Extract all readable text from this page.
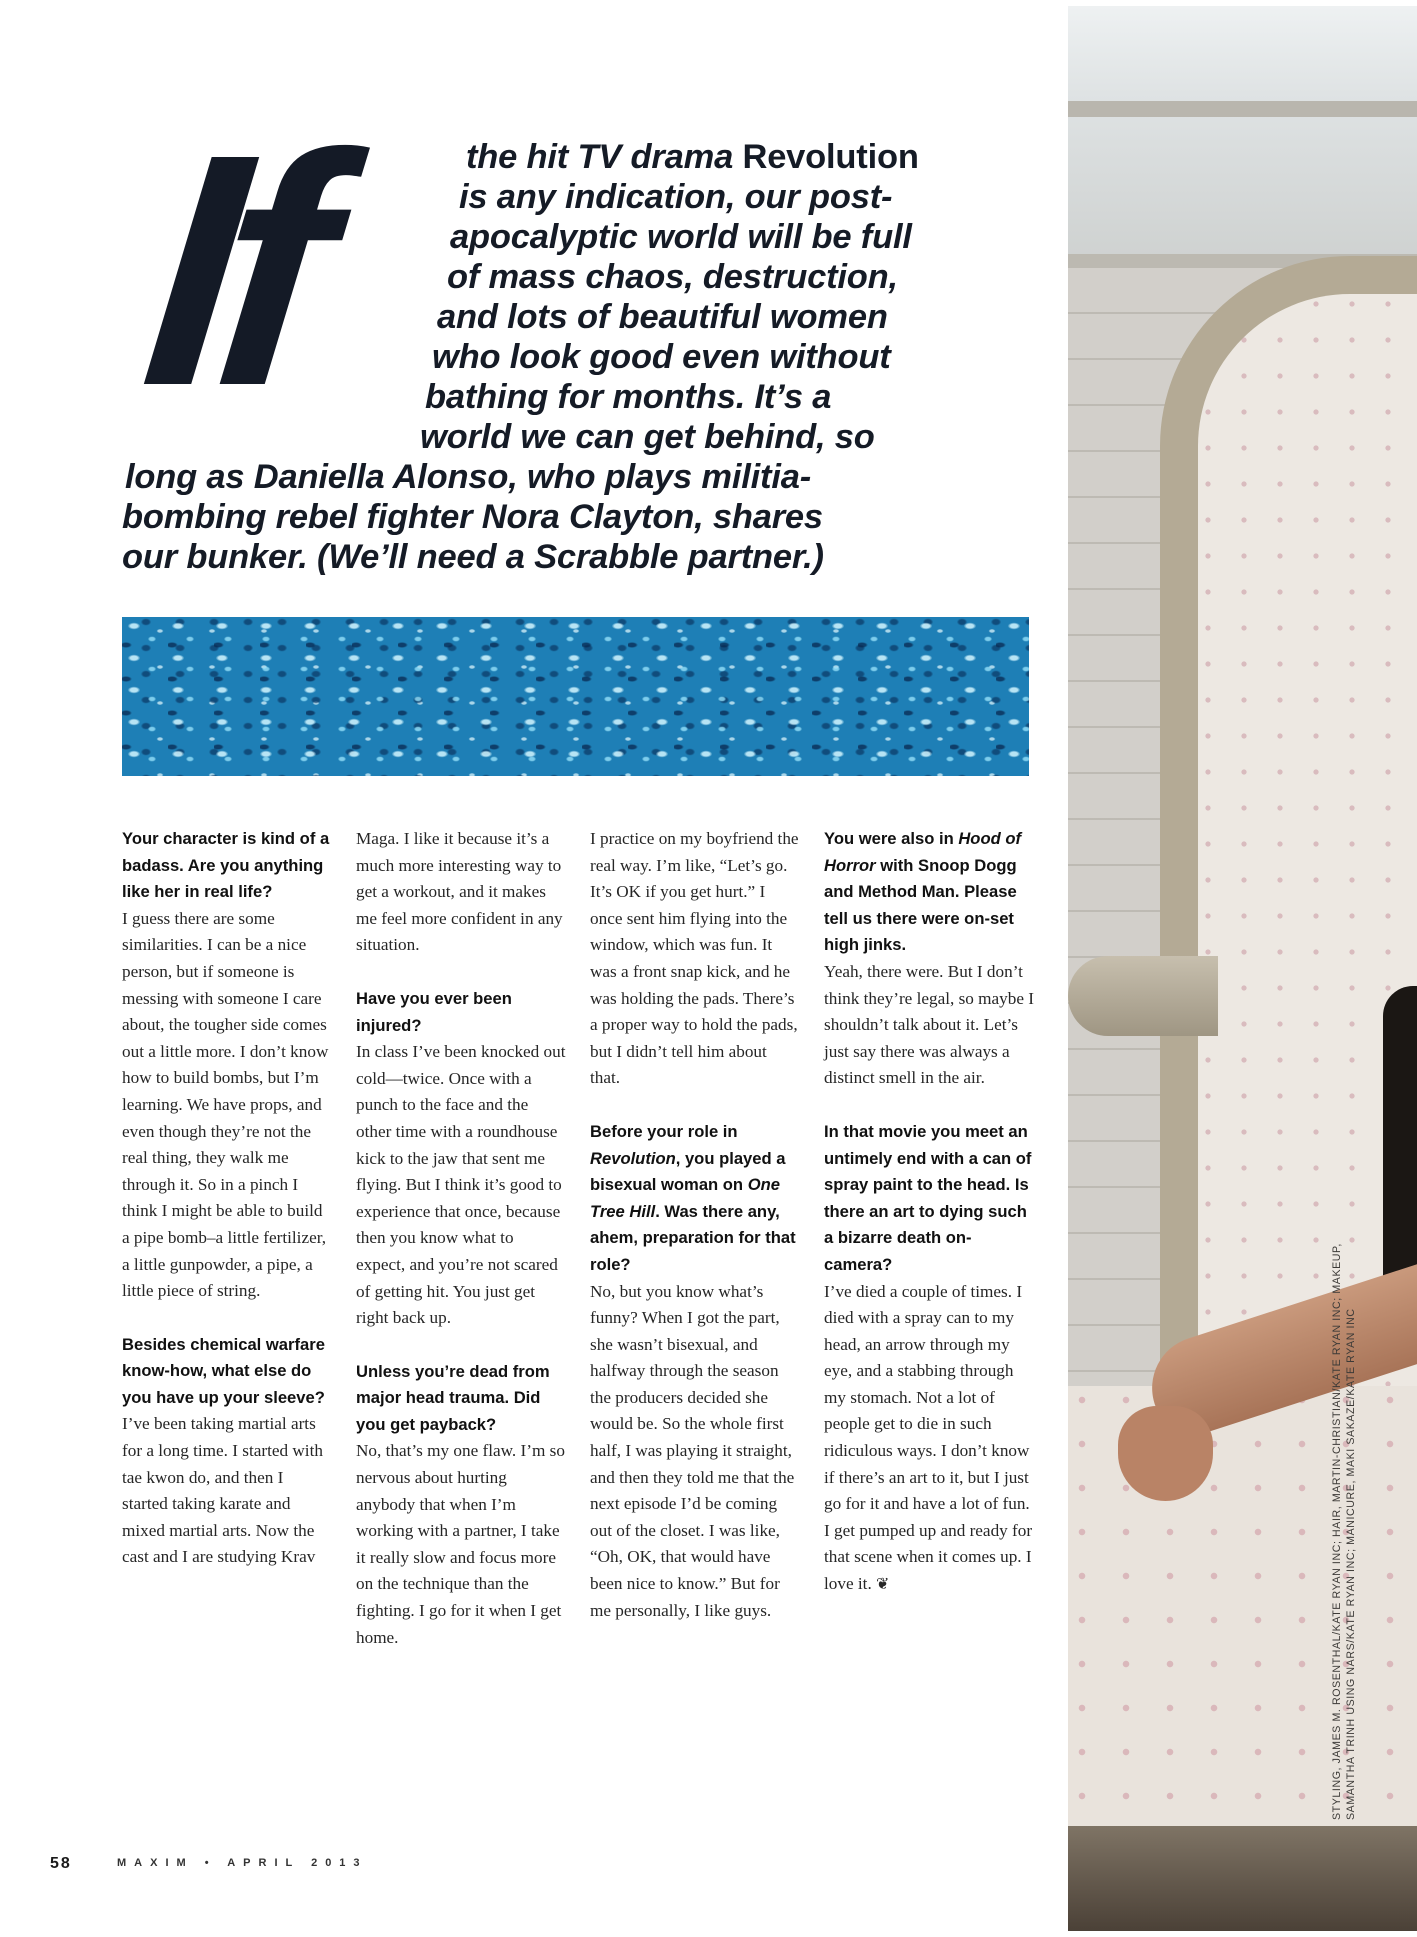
If	the hit TV drama Revolution

is any indication, our post-

apocalyptic world will be full

of mass chaos, destruction,

and lots of beautiful women

who look good even without

bathing for months. It’s a

world we can get behind, so

long as Daniella Alonso, who plays militia-

bombing rebel fighter Nora Clayton, shares

our bunker. (We’ll need a Scrabble partner.)

Your character is kind of a badass. Are you anything like her in real life?

I guess there are some similarities. I can be a nice person, but if someone is messing with someone I care about, the tougher side comes out a little more. I don’t know how to build bombs, but I’m learning. We have props, and even though they’re not the real thing, they walk me through it. So in a pinch I think I might be able to build a pipe bomb–a little fertilizer, a little gunpowder, a pipe, a little piece of string.

Besides chemical warfare know-how, what else do you have up your sleeve?

I’ve been taking martial arts for a long time. I started with tae kwon do, and then I started taking karate and mixed martial arts. Now the cast and I are studying Krav

Maga. I like it because it’s a much more interesting way to get a workout, and it makes me feel more confident in any situation.

Have you ever been injured?

In class I’ve been knocked out cold—twice. Once with a punch to the face and the other time with a roundhouse kick to the jaw that sent me flying. But I think it’s good to experience that once, because then you know what to expect, and you’re not scared of getting hit. You just get right back up.

Unless you’re dead from major head trauma. Did you get payback?

No, that’s my one flaw. I’m so nervous about hurting anybody that when I’m working with a partner, I take it really slow and focus more on the technique than the fighting. I go for it when I get home.

I practice on my boyfriend the real way. I’m like, “Let’s go. It’s OK if you get hurt.” I once sent him flying into the window, which was fun. It was a front snap kick, and he was holding the pads. There’s a proper way to hold the pads, but I didn’t tell him about that.

Before your role in Revolution, you played a bisexual woman on One Tree Hill. Was there any, ahem, preparation for that role?

No, but you know what’s funny? When I got the part, she wasn’t bisexual, and halfway through the season the producers decided she would be. So the whole first half, I was playing it straight, and then they told me that the next episode I’d be coming out of the closet. I was like, “Oh, OK, that would have been nice to know.” But for me personally, I like guys.

You were also in Hood of Horror with Snoop Dogg and Method Man. Please tell us there were on-set high jinks.

Yeah, there were. But I don’t think they’re legal, so maybe I shouldn’t talk about it. Let’s just say there was always a distinct smell in the air.

In that movie you meet an untimely end with a can of spray paint to the head. Is there an art to dying such a bizarre death on-camera?

I’ve died a couple of times. I died with a spray can to my head, an arrow through my eye, and a stabbing through my stomach. Not a lot of people get to die in such ridiculous ways. I don’t know if there’s an art to it, but I just go for it and have a lot of fun. I get pumped up and ready for that scene when it comes up. I love it. ❦

58	MAXIM • APRIL 2013

STYLING, JAMES M. ROSENTHAL/KATE RYAN INC; HAIR, MARTIN-CHRISTIAN/KATE RYAN INC; MAKEUP, SAMANTHA TRINH USING NARS/KATE RYAN INC; MANICURE, MAKI SAKAZE/KATE RYAN INC
